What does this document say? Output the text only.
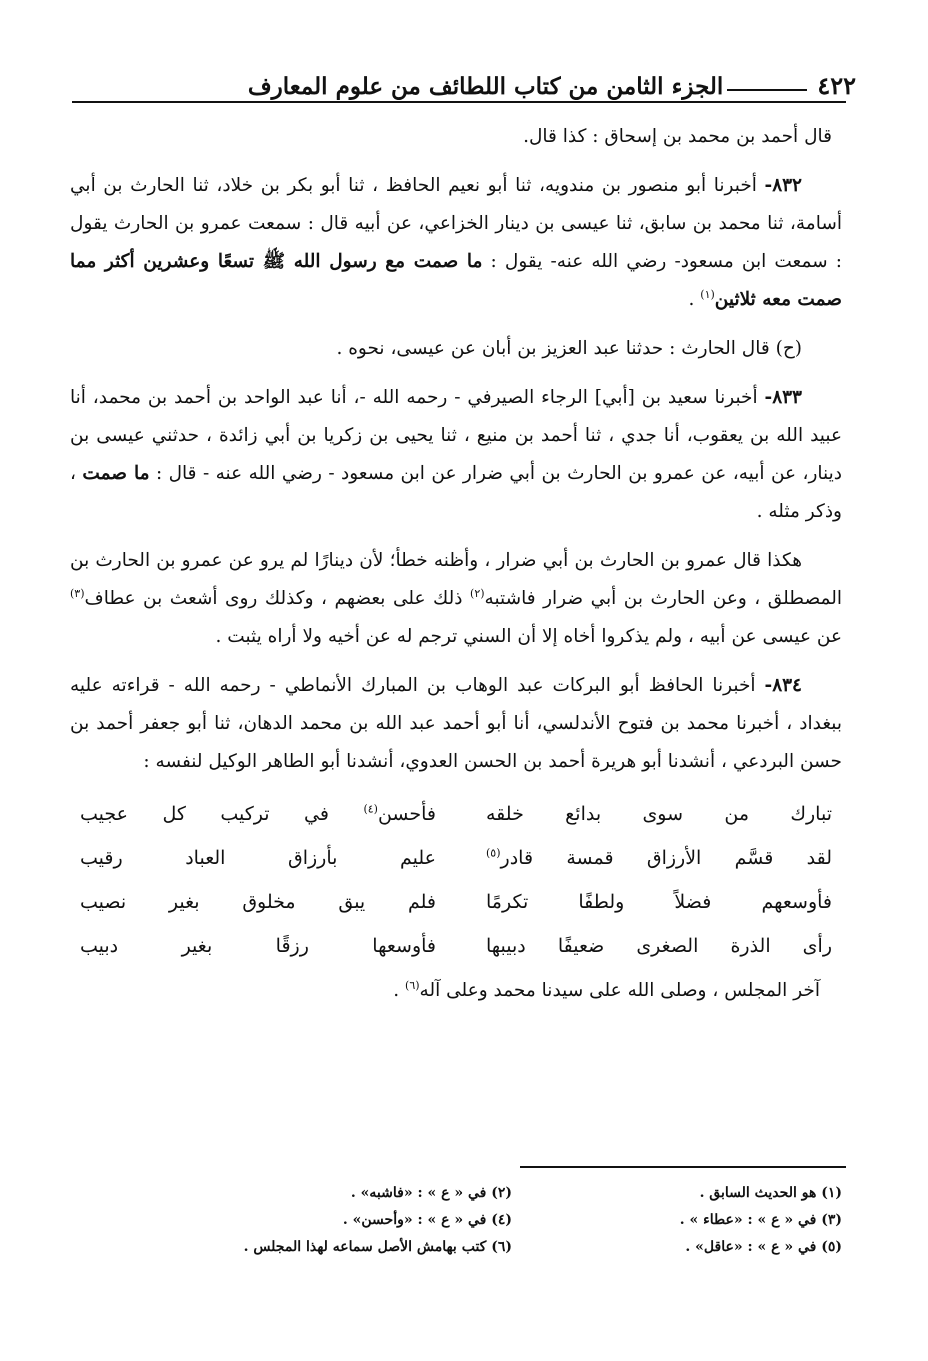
٤٢٢
الجزء الثامن من كتاب اللطائف من علوم المعارف

قال أحمد بن محمد بن إسحاق : كذا قال.

٨٣٢- أخبرنا أبو منصور بن مندويه، ثنا أبو نعيم الحافظ ، ثنا أبو بكر بن خلاد، ثنا الحارث بن أبي أسامة، ثنا محمد بن سابق، ثنا عيسى بن دينار الخزاعي، عن أبيه قال : سمعت عمرو بن الحارث يقول : سمعت ابن مسعود- رضي الله عنه- يقول : ما صمت مع رسول الله ﷺ تسعًا وعشرين أكثر مما صمت معه ثلاثين$^{(١)}$ .

(ح) قال الحارث : حدثنا عبد العزيز بن أبان عن عيسى، نحوه .

٨٣٣- أخبرنا سعيد بن [أبي] الرجاء الصيرفي - رحمه الله -، أنا عبد الواحد بن أحمد بن محمد، أنا عبيد الله بن يعقوب، أنا جدي ، ثنا أحمد بن منيع ، ثنا يحيى بن زكريا بن أبي زائدة ، حدثني عيسى بن دينار، عن أبيه، عن عمرو بن الحارث بن أبي ضرار عن ابن مسعود - رضي الله عنه - قال : ما صمت ، وذكر مثله .

هكذا قال عمرو بن الحارث بن أبي ضرار ، وأظنه خطأ؛ لأن دينارًا لم يرو عن عمرو بن الحارث بن المصطلق ، وعن الحارث بن أبي ضرار فاشتبه$^{(٢)}$ ذلك على بعضهم ، وكذلك روى أشعث بن عطاف$^{(٣)}$ عن عيسى عن أبيه ، ولم يذكروا أخاه إلا أن السني ترجم له عن أخيه ولا أراه يثبت .

٨٣٤- أخبرنا الحافظ أبو البركات عبد الوهاب بن المبارك الأنماطي - رحمه الله - قراءته عليه ببغداد ، أخبرنا محمد بن فتوح الأندلسي، أنا أبو أحمد عبد الله بن محمد الدهان، ثنا أبو جعفر أحمد بن حسن البردعي ، أنشدنا أبو هريرة أحمد بن الحسن العدوي، أنشدنا أبو الطاهر الوكيل لنفسه :

تبارك من سوى بدائع خلقه
فأحسن$^{(٤)}$ في تركيب كل عجيب
لقد قسَّم الأرزاق قمسة قادر$^{(٥)}$
عليم بأرزاق العباد رقيب
فأوسعهم فضلاً ولطفًا تكرمًا
فلم يبق مخلوق بغير نصيب
رأى الذرة الصغرى ضعيفًا دبيبها
فأوسعها رزقًا بغير دبيب
آخر المجلس ، وصلى الله على سيدنا محمد وعلى آله$^{(٦)}$ .
(١) هو الحديث السابق .
(٢) في « ع » : «فاشبه» .
(٣) في « ع » : «عطاء » .
(٤) في « ع » : «وأحسن» .
(٥) في « ع » : «عاقل» .
(٦) كتب بهامش الأصل سماعه لهذا المجلس .
